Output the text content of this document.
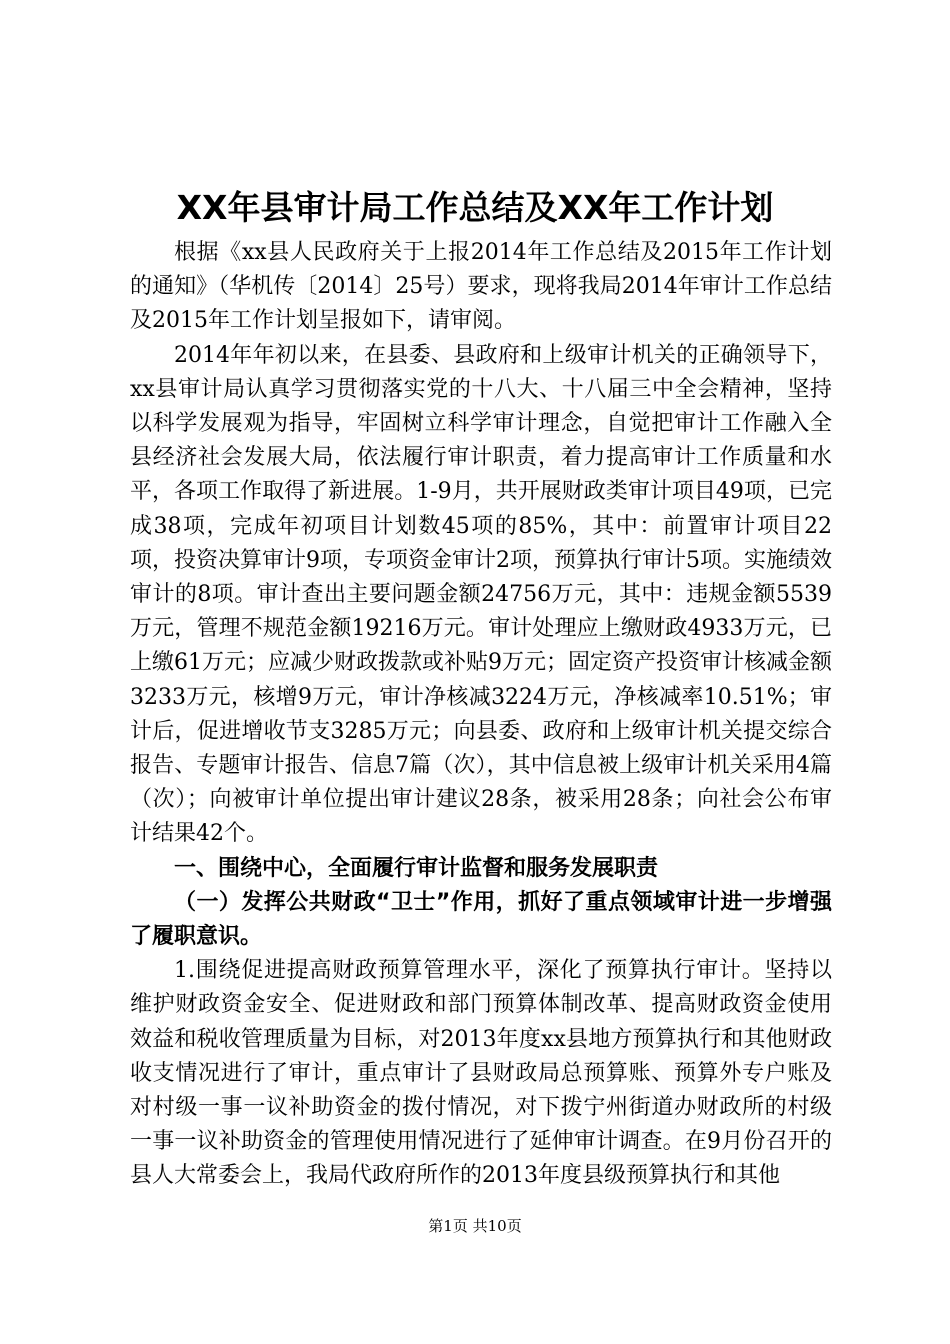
XX年县审计局工作总结及XX年工作计划

根据《xx县人民政府关于上报2014年工作总结及2015年工作计划的通知》（华机传〔2014〕25号）要求，现将我局2014年审计工作总结及2015年工作计划呈报如下，请审阅。

2014年年初以来，在县委、县政府和上级审计机关的正确领导下，xx县审计局认真学习贯彻落实党的十八大、十八届三中全会精神，坚持以科学发展观为指导，牢固树立科学审计理念，自觉把审计工作融入全县经济社会发展大局，依法履行审计职责，着力提高审计工作质量和水平，各项工作取得了新进展。1-9月，共开展财政类审计项目49项，已完成38项，完成年初项目计划数45项的85%，其中：前置审计项目22项，投资决算审计9项，专项资金审计2项，预算执行审计5项。实施绩效审计的8项。审计查出主要问题金额24756万元，其中：违规金额5539万元，管理不规范金额19216万元。审计处理应上缴财政4933万元，已上缴61万元；应减少财政拨款或补贴9万元；固定资产投资审计核减金额3233万元，核增9万元，审计净核减3224万元，净核减率10.51%；审计后，促进增收节支3285万元；向县委、政府和上级审计机关提交综合报告、专题审计报告、信息7篇（次），其中信息被上级审计机关采用4篇（次）；向被审计单位提出审计建议28条，被采用28条；向社会公布审计结果42个。

一、围绕中心，全面履行审计监督和服务发展职责

（一）发挥公共财政“卫士”作用，抓好了重点领域审计进一步增强了履职意识。

1.围绕促进提高财政预算管理水平，深化了预算执行审计。坚持以维护财政资金安全、促进财政和部门预算体制改革、提高财政资金使用效益和税收管理质量为目标，对2013年度xx县地方预算执行和其他财政收支情况进行了审计，重点审计了县财政局总预算账、预算外专户账及对村级一事一议补助资金的拨付情况，对下拨宁州街道办财政所的村级一事一议补助资金的管理使用情况进行了延伸审计调查。在9月份召开的县人大常委会上，我局代政府所作的2013年度县级预算执行和其他

第1页 共10页
